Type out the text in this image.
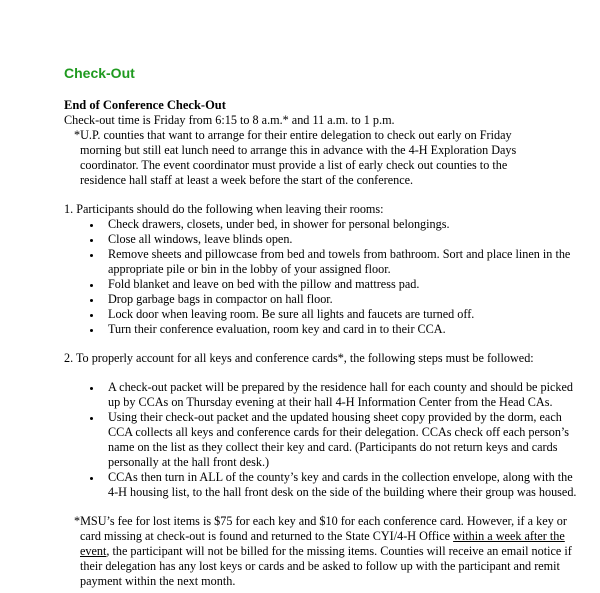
Check-Out

End of Conference Check-Out

Check-out time is Friday from 6:15 to 8 a.m.* and 11 a.m. to 1 p.m.

*U.P. counties that want to arrange for their entire delegation to check out early on Friday morning but still eat lunch need to arrange this in advance with the 4-H Exploration Days coordinator. The event coordinator must provide a list of early check out counties to the residence hall staff at least a week before the start of the conference.

1. Participants should do the following when leaving their rooms:

• Check drawers, closets, under bed, in shower for personal belongings.
• Close all windows, leave blinds open.
• Remove sheets and pillowcase from bed and towels from bathroom. Sort and place linen in the appropriate pile or bin in the lobby of your assigned floor.
• Fold blanket and leave on bed with the pillow and mattress pad.
• Drop garbage bags in compactor on hall floor.
• Lock door when leaving room. Be sure all lights and faucets are turned off.
• Turn their conference evaluation, room key and card in to their CCA.

2. To properly account for all keys and conference cards*, the following steps must be followed:

• A check-out packet will be prepared by the residence hall for each county and should be picked up by CCAs on Thursday evening at their hall 4-H Information Center from the Head CAs.
• Using their check-out packet and the updated housing sheet copy provided by the dorm, each CCA collects all keys and conference cards for their delegation. CCAs check off each person’s name on the list as they collect their key and card. (Participants do not return keys and cards personally at the hall front desk.)
• CCAs then turn in ALL of the county’s key and cards in the collection envelope, along with the 4-H housing list, to the hall front desk on the side of the building where their group was housed.

*MSU’s fee for lost items is $75 for each key and $10 for each conference card. However, if a key or card missing at check-out is found and returned to the State CYI/4-H Office within a week after the event, the participant will not be billed for the missing items. Counties will receive an email notice if their delegation has any lost keys or cards and be asked to follow up with the participant and remit payment within the next month.
